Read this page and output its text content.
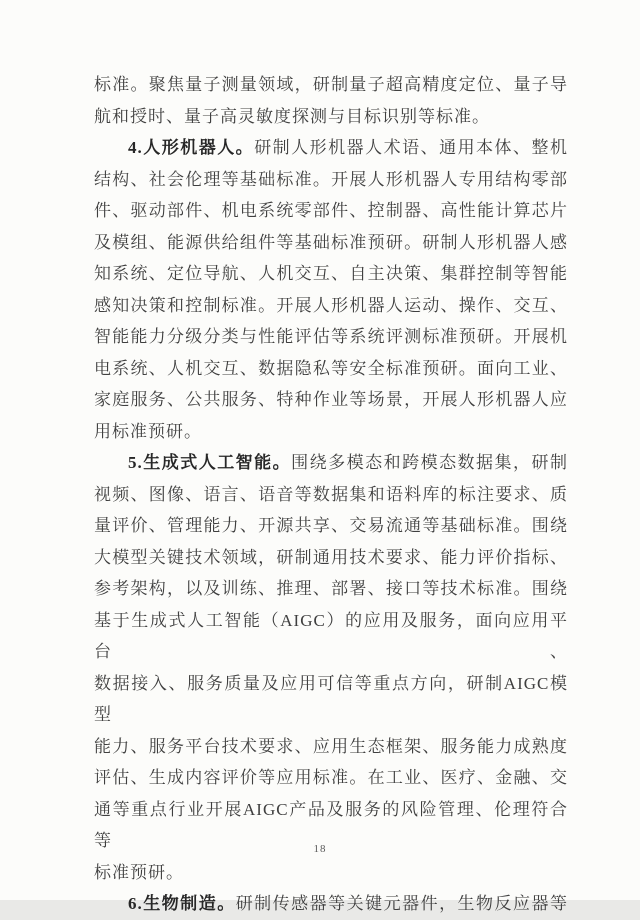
标准。聚焦量子测量领域，研制量子超高精度定位、量子导
航和授时、量子高灵敏度探测与目标识别等标准。
4.人形机器人。研制人形机器人术语、通用本体、整机
结构、社会伦理等基础标准。开展人形机器人专用结构零部
件、驱动部件、机电系统零部件、控制器、高性能计算芯片
及模组、能源供给组件等基础标准预研。研制人形机器人感
知系统、定位导航、人机交互、自主决策、集群控制等智能
感知决策和控制标准。开展人形机器人运动、操作、交互、
智能能力分级分类与性能评估等系统评测标准预研。开展机
电系统、人机交互、数据隐私等安全标准预研。面向工业、
家庭服务、公共服务、特种作业等场景，开展人形机器人应
用标准预研。
5.生成式人工智能。围绕多模态和跨模态数据集，研制
视频、图像、语言、语音等数据集和语料库的标注要求、质
量评价、管理能力、开源共享、交易流通等基础标准。围绕
大模型关键技术领域，研制通用技术要求、能力评价指标、
参考架构，以及训练、推理、部署、接口等技术标准。围绕
基于生成式人工智能（AIGC）的应用及服务，面向应用平台、
数据接入、服务质量及应用可信等重点方向，研制AIGC模型
能力、服务平台技术要求、应用生态框架、服务能力成熟度
评估、生成内容评价等应用标准。在工业、医疗、金融、交
通等重点行业开展AIGC产品及服务的风险管理、伦理符合等
标准预研。
6.生物制造。研制传感器等关键元器件，生物反应器等
18
